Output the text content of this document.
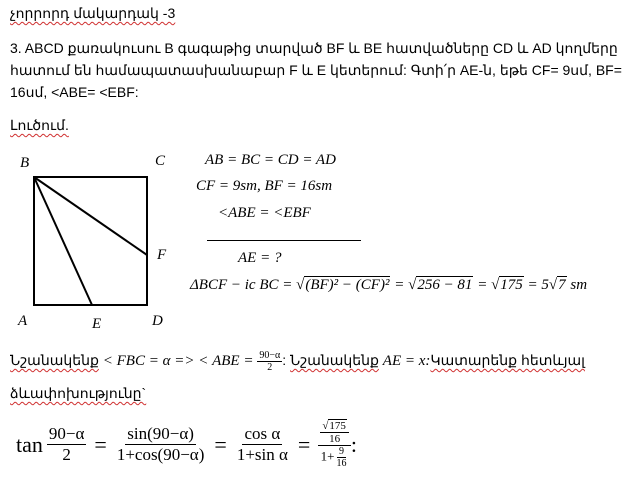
չորրորդ մակարդակ -3
3. ABCD քառակուսու B գագաթից տարված BF և BE հատվածները CD և AD կողմերը
հատում են համապատասխանաբար F և E կետերում: Գտի՛ր AE-ն, եթե CF= 9սմ, BF=
16սմ, <ABE= <EBF:
Լուծում.
B	C
F
A	E	D
AB = BC = CD = AD
CF = 9sm, BF = 16sm
<ABE = <EBF
AE = ?
ΔBCF − ic BC = √(BF)² − (CF)² = √256 − 81 = √175 = 5√7 sm
Նշանակենք < FBC = α => < ABE = $\frac{90-\alpha}{2}$ : Նշանակենք AE = x:Կատարենք հետևյալ
ձևափոխությունը`
$\tan \frac{90-\alpha}{2} = \frac{\sin(90-\alpha)}{1+\cos(90-\alpha)} = \frac{\text{cos α}}{\text{1+sin α}} = \frac{\frac{√175}{16}}{1+ \frac{9}{16}}$ :
